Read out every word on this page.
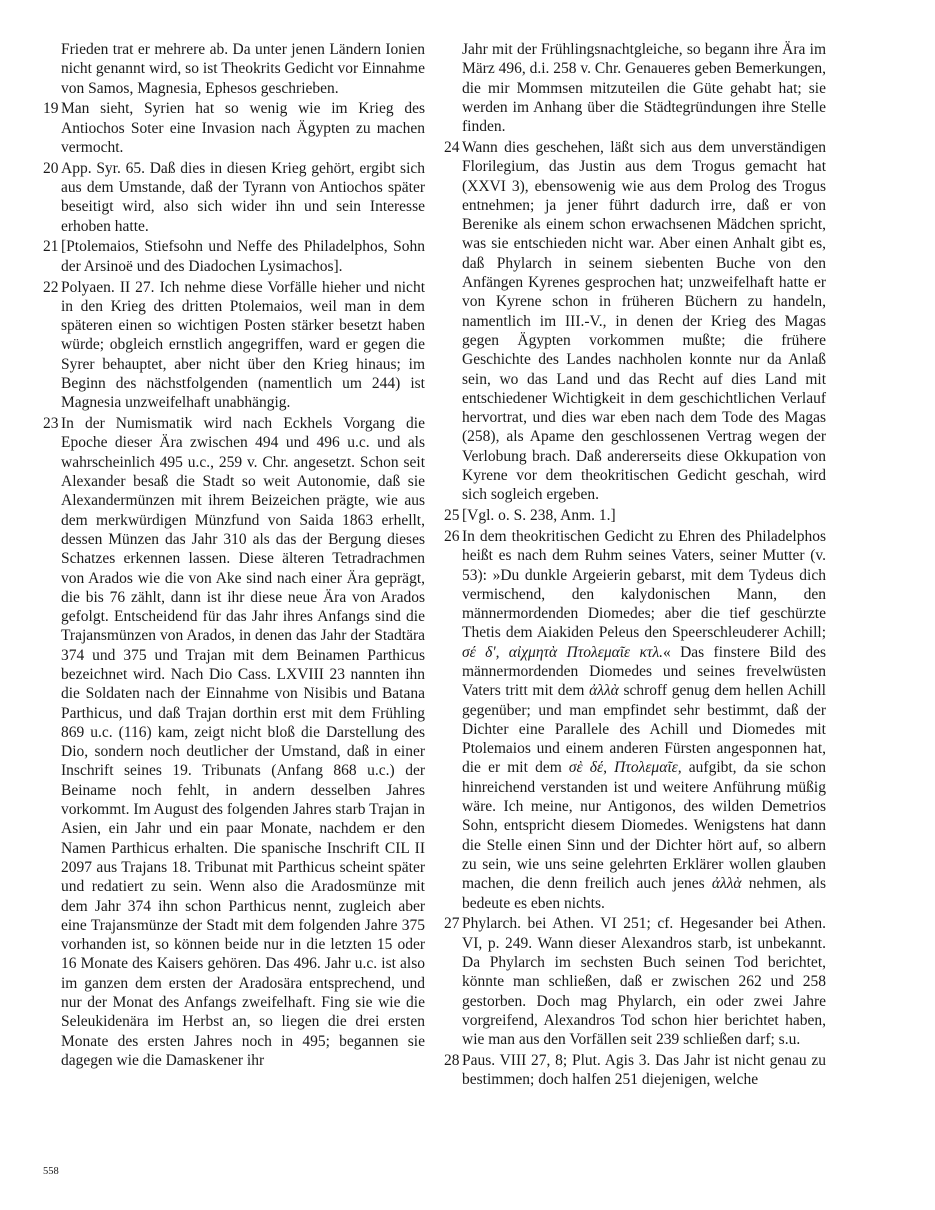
Frieden trat er mehrere ab. Da unter jenen Ländern Ionien nicht genannt wird, so ist Theokrits Gedicht vor Einnahme von Samos, Magnesia, Ephesos geschrieben.

19 Man sieht, Syrien hat so wenig wie im Krieg des Antiochos Soter eine Invasion nach Ägypten zu machen vermocht.

20 App. Syr. 65. Daß dies in diesen Krieg gehört, ergibt sich aus dem Umstande, daß der Tyrann von Antiochos später beseitigt wird, also sich wider ihn und sein Interesse erhoben hatte.

21 [Ptolemaios, Stiefsohn und Neffe des Philadelphos, Sohn der Arsinoë und des Diadochen Lysimachos].

22 Polyaen. II 27. Ich nehme diese Vorfälle hieher und nicht in den Krieg des dritten Ptolemaios, weil man in dem späteren einen so wichtigen Posten stärker besetzt haben würde; obgleich ernstlich angegriffen, ward er gegen die Syrer behauptet, aber nicht über den Krieg hinaus; im Beginn des nächstfolgenden (namentlich um 244) ist Magnesia unzweifelhaft unabhängig.

23 In der Numismatik wird nach Eckhels Vorgang die Epoche dieser Ära zwischen 494 und 496 u.c. und als wahrscheinlich 495 u.c., 259 v. Chr. angesetzt. Schon seit Alexander besaß die Stadt so weit Autonomie, daß sie Alexandermünzen mit ihrem Beizeichen prägte, wie aus dem merkwürdigen Münzfund von Saida 1863 erhellt, dessen Münzen das Jahr 310 als das der Bergung dieses Schatzes erkennen lassen. Diese älteren Tetradrachmen von Arados wie die von Ake sind nach einer Ära geprägt, die bis 76 zählt, dann ist ihr diese neue Ära von Arados gefolgt. Entscheidend für das Jahr ihres Anfangs sind die Trajansmünzen von Arados, in denen das Jahr der Stadtära 374 und 375 und Trajan mit dem Beinamen Parthicus bezeichnet wird. Nach Dio Cass. LXVIII 23 nannten ihn die Soldaten nach der Einnahme von Nisibis und Batana Parthicus, und daß Trajan dorthin erst mit dem Frühling 869 u.c. (116) kam, zeigt nicht bloß die Darstellung des Dio, sondern noch deutlicher der Umstand, daß in einer Inschrift seines 19. Tribunats (Anfang 868 u.c.) der Beiname noch fehlt, in andern desselben Jahres vorkommt. Im August des folgenden Jahres starb Trajan in Asien, ein Jahr und ein paar Monate, nachdem er den Namen Parthicus erhalten. Die spanische Inschrift CIL II 2097 aus Trajans 18. Tribunat mit Parthicus scheint später und redatiert zu sein. Wenn also die Aradosmünze mit dem Jahr 374 ihn schon Parthicus nennt, zugleich aber eine Trajansmünze der Stadt mit dem folgenden Jahre 375 vorhanden ist, so können beide nur in die letzten 15 oder 16 Monate des Kaisers gehören. Das 496. Jahr u.c. ist also im ganzen dem ersten der Aradosära entsprechend, und nur der Monat des Anfangs zweifelhaft. Fing sie wie die Seleukidenära im Herbst an, so liegen die drei ersten Monate des ersten Jahres noch in 495; begannen sie dagegen wie die Damaskener ihr

Jahr mit der Frühlingsnachtgleiche, so begann ihre Ära im März 496, d.i. 258 v. Chr. Genaueres geben Bemerkungen, die mir Mommsen mitzuteilen die Güte gehabt hat; sie werden im Anhang über die Städtegründungen ihre Stelle finden.

24 Wann dies geschehen, läßt sich aus dem unverständigen Florilegium, das Justin aus dem Trogus gemacht hat (XXVI 3), ebensowenig wie aus dem Prolog des Trogus entnehmen; ja jener führt dadurch irre, daß er von Berenike als einem schon erwachsenen Mädchen spricht, was sie entschieden nicht war. Aber einen Anhalt gibt es, daß Phylarch in seinem siebenten Buche von den Anfängen Kyrenes gesprochen hat; unzweifelhaft hatte er von Kyrene schon in früheren Büchern zu handeln, namentlich im III.-V., in denen der Krieg des Magas gegen Ägypten vorkommen mußte; die frühere Geschichte des Landes nachholen konnte nur da Anlaß sein, wo das Land und das Recht auf dies Land mit entschiedener Wichtigkeit in dem geschichtlichen Verlauf hervortrat, und dies war eben nach dem Tode des Magas (258), als Apame den geschlossenen Vertrag wegen der Verlobung brach. Daß andererseits diese Okkupation von Kyrene vor dem theokritischen Gedicht geschah, wird sich sogleich ergeben.

25 [Vgl. o. S. 238, Anm. 1.]

26 In dem theokritischen Gedicht zu Ehren des Philadelphos heißt es nach dem Ruhm seines Vaters, seiner Mutter (v. 53): »Du dunkle Argeierin gebarst, mit dem Tydeus dich vermischend, den kalydonischen Mann, den männermordenden Diomedes; aber die tief geschürzte Thetis dem Aiakiden Peleus den Speerschleuderer Achill; σέ δ', αἰχμητὰ Πτολεμαῖε κτλ.« Das finstere Bild des männermordenden Diomedes und seines frevelwüsten Vaters tritt mit dem ἀλλὰ schroff genug dem hellen Achill gegenüber; und man empfindet sehr bestimmt, daß der Dichter eine Parallele des Achill und Diomedes mit Ptolemaios und einem anderen Fürsten angesponnen hat, die er mit dem σὲ δέ, Πτολεμαῖε, aufgibt, da sie schon hinreichend verstanden ist und weitere Anführung müßig wäre. Ich meine, nur Antigonos, des wilden Demetrios Sohn, entspricht diesem Diomedes. Wenigstens hat dann die Stelle einen Sinn und der Dichter hört auf, so albern zu sein, wie uns seine gelehrten Erklärer wollen glauben machen, die denn freilich auch jenes ἀλλὰ nehmen, als bedeute es eben nichts.

27 Phylarch. bei Athen. VI 251; cf. Hegesander bei Athen. VI, p. 249. Wann dieser Alexandros starb, ist unbekannt. Da Phylarch im sechsten Buch seinen Tod berichtet, könnte man schließen, daß er zwischen 262 und 258 gestorben. Doch mag Phylarch, ein oder zwei Jahre vorgreifend, Alexandros Tod schon hier berichtet haben, wie man aus den Vorfällen seit 239 schließen darf; s.u.

28 Paus. VIII 27, 8; Plut. Agis 3. Das Jahr ist nicht genau zu bestimmen; doch halfen 251 diejenigen, welche

558
